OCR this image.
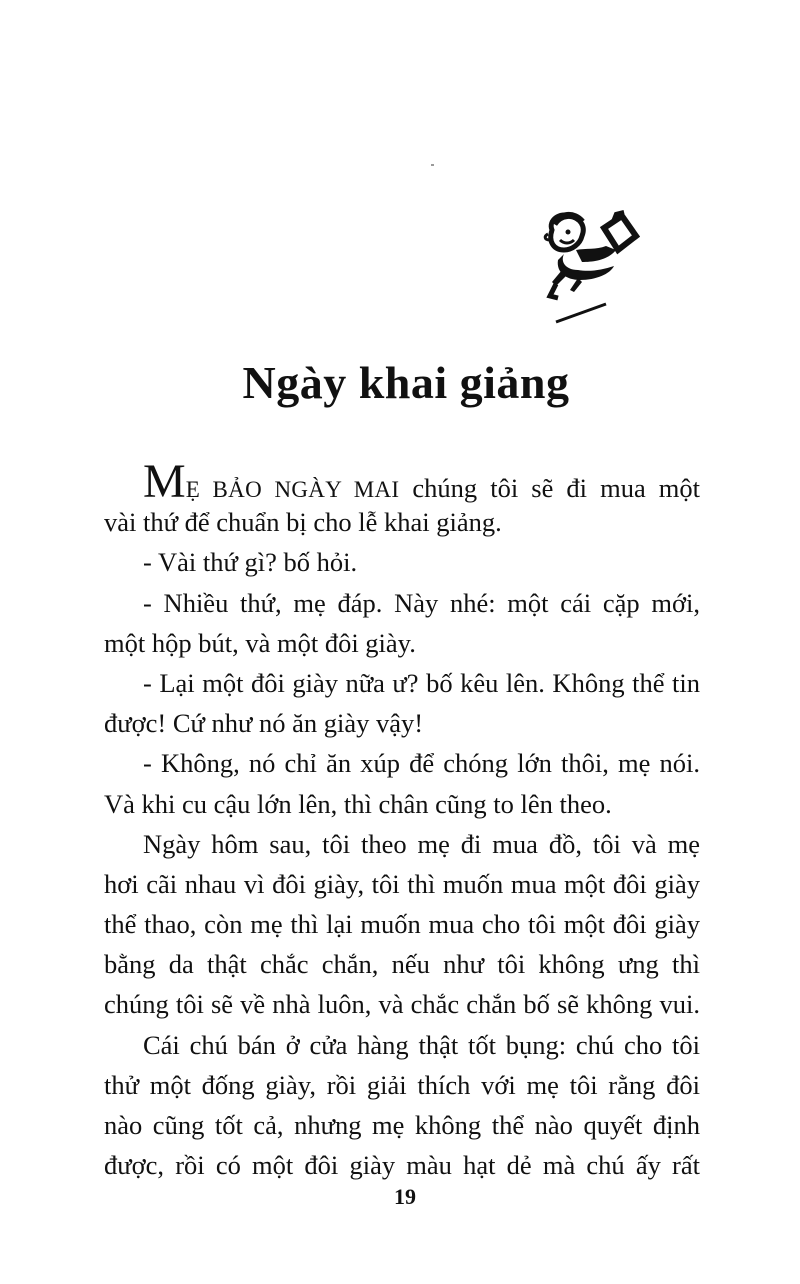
Ngày khai giảng
MẸ BẢO NGÀY MAI chúng tôi sẽ đi mua một
vài thứ để chuẩn bị cho lễ khai giảng.
- Vài thứ gì? bố hỏi.
- Nhiều thứ, mẹ đáp. Này nhé: một cái cặp mới,
một hộp bút, và một đôi giày.
- Lại một đôi giày nữa ư? bố kêu lên. Không thể tin
được! Cứ như nó ăn giày vậy!
- Không, nó chỉ ăn xúp để chóng lớn thôi, mẹ nói.
Và khi cu cậu lớn lên, thì chân cũng to lên theo.
Ngày hôm sau, tôi theo mẹ đi mua đồ, tôi và mẹ
hơi cãi nhau vì đôi giày, tôi thì muốn mua một đôi giày
thể thao, còn mẹ thì lại muốn mua cho tôi một đôi giày
bằng da thật chắc chắn, nếu như tôi không ưng thì
chúng tôi sẽ về nhà luôn, và chắc chắn bố sẽ không vui.
Cái chú bán ở cửa hàng thật tốt bụng: chú cho tôi
thử một đống giày, rồi giải thích với mẹ tôi rằng đôi
nào cũng tốt cả, nhưng mẹ không thể nào quyết định
được, rồi có một đôi giày màu hạt dẻ mà chú ấy rất
19
